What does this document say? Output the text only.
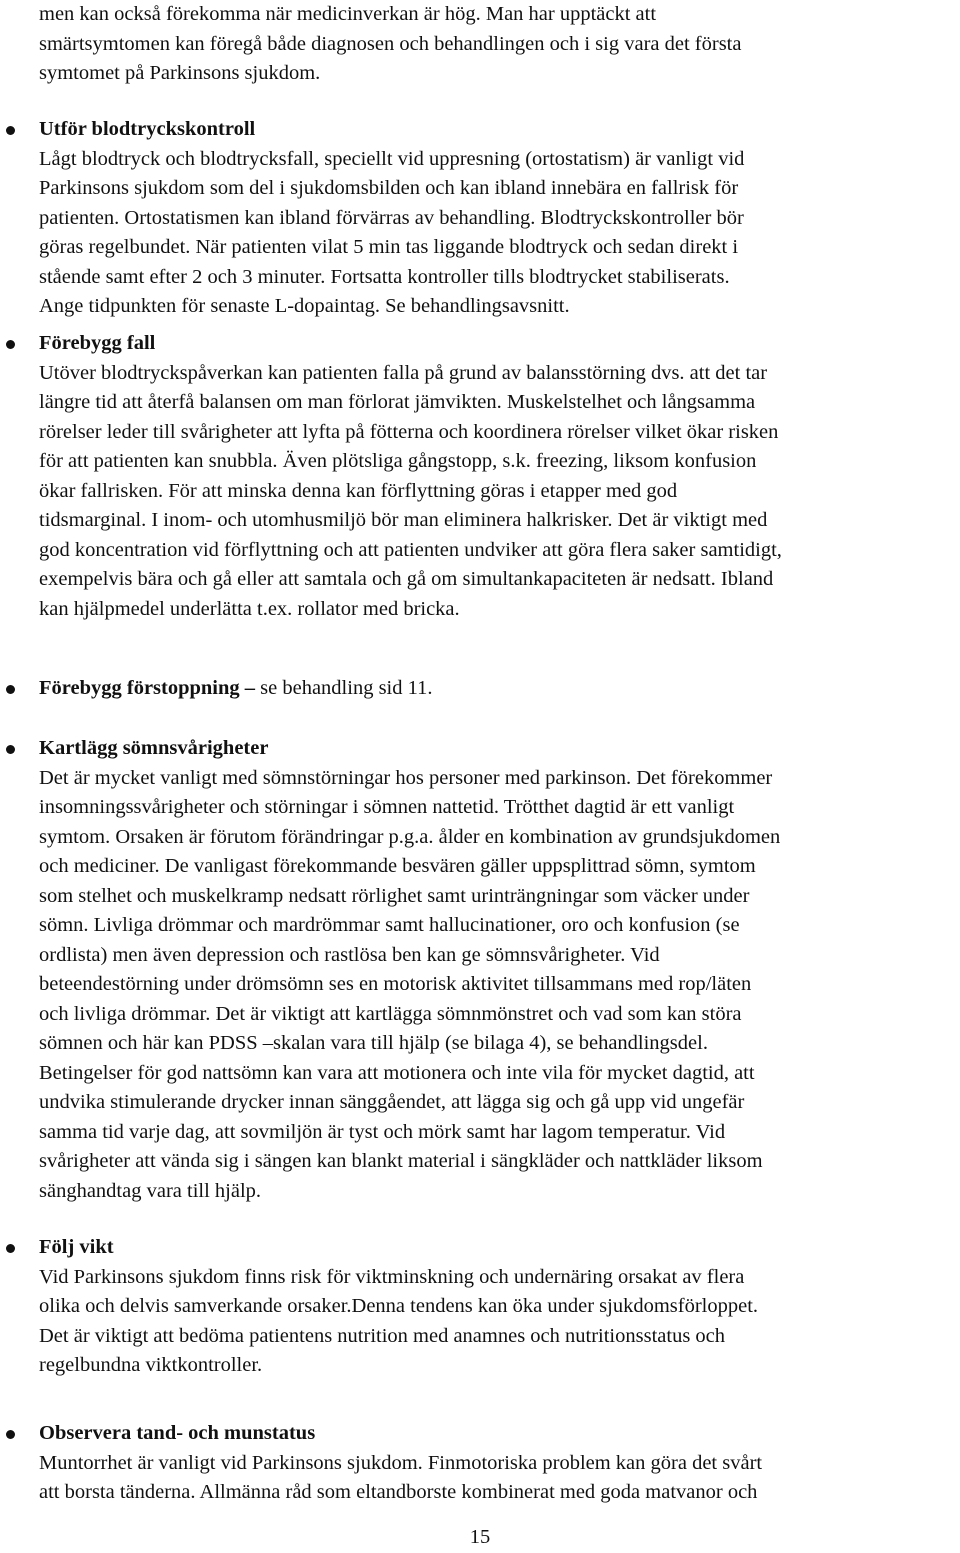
men kan också förekomma när medicinverkan är hög. Man har upptäckt att
smärtsymtomen kan föregå både diagnosen och behandlingen och i sig vara det första
symtomet på Parkinsons sjukdom.
Utför blodtryckskontroll
Lågt blodtryck och blodtrycksfall, speciellt vid uppresning (ortostatism) är vanligt vid
Parkinsons sjukdom som del i sjukdomsbilden och kan ibland innebära en fallrisk för
patienten. Ortostatismen kan ibland förvärras av behandling. Blodtryckskontroller bör
göras regelbundet. När patienten vilat 5 min tas liggande blodtryck och sedan direkt i
stående samt efter 2 och 3 minuter. Fortsatta kontroller tills blodtrycket stabiliserats.
Ange tidpunkten för senaste L-dopaintag. Se behandlingsavsnitt.
Förebygg fall
Utöver blodtryckspåverkan kan patienten falla på grund av balansstörning dvs. att det tar
längre tid att återfå balansen om man förlorat jämvikten. Muskelstelhet och långsamma
rörelser leder till svårigheter att lyfta på fötterna och koordinera rörelser vilket ökar risken
för att patienten kan snubbla. Även plötsliga gångstopp, s.k. freezing, liksom konfusion
ökar fallrisken. För att minska denna kan förflyttning göras i etapper med god
tidsmarginal. I inom- och utomhusmiljö bör man eliminera halkrisker. Det är viktigt med
god koncentration vid förflyttning och att patienten undviker att göra flera saker samtidigt,
exempelvis bära och gå eller att samtala och gå om simultankapaciteten är nedsatt. Ibland
kan hjälpmedel underlätta t.ex. rollator med bricka.
Förebygg förstoppning – se behandling sid 11.
Kartlägg sömnsvårigheter
Det är mycket vanligt med sömnstörningar hos personer med parkinson. Det förekommer
insomningssvårigheter och störningar i sömnen nattetid. Trötthet dagtid är ett vanligt
symtom. Orsaken är förutom förändringar p.g.a. ålder en kombination av grundsjukdomen
och mediciner. De vanligast förekommande besvären gäller uppsplittrad sömn, symtom
som stelhet och muskelkramp nedsatt rörlighet samt urinträngningar som väcker under
sömn. Livliga drömmar och mardrömmar samt hallucinationer, oro och konfusion (se
ordlista) men även depression och rastlösa ben kan ge sömnsvårigheter. Vid
beteendestörning under drömsömn ses en motorisk aktivitet tillsammans med rop/läten
och livliga drömmar. Det är viktigt att kartlägga sömnmönstret och vad som kan störa
sömnen och här kan PDSS –skalan vara till hjälp (se bilaga 4), se behandlingsdel.
Betingelser för god nattsömn kan vara att motionera och inte vila för mycket dagtid, att
undvika stimulerande drycker innan sänggåendet, att lägga sig och gå upp vid ungefär
samma tid varje dag, att sovmiljön är tyst och mörk samt har lagom temperatur. Vid
svårigheter att vända sig i sängen kan blankt material i sängkläder och nattkläder liksom
sänghandtag vara till hjälp.
Följ vikt
Vid Parkinsons sjukdom finns risk för viktminskning och undernäring orsakat av flera
olika och delvis samverkande orsaker.Denna tendens kan öka under sjukdomsförloppet.
Det är viktigt att bedöma patientens nutrition med anamnes och nutritionsstatus och
regelbundna viktkontroller.
Observera tand- och munstatus
Muntorrhet är vanligt vid Parkinsons sjukdom. Finmotoriska problem kan göra det svårt
att borsta tänderna. Allmänna råd som eltandborste kombinerat med goda matvanor och
15
